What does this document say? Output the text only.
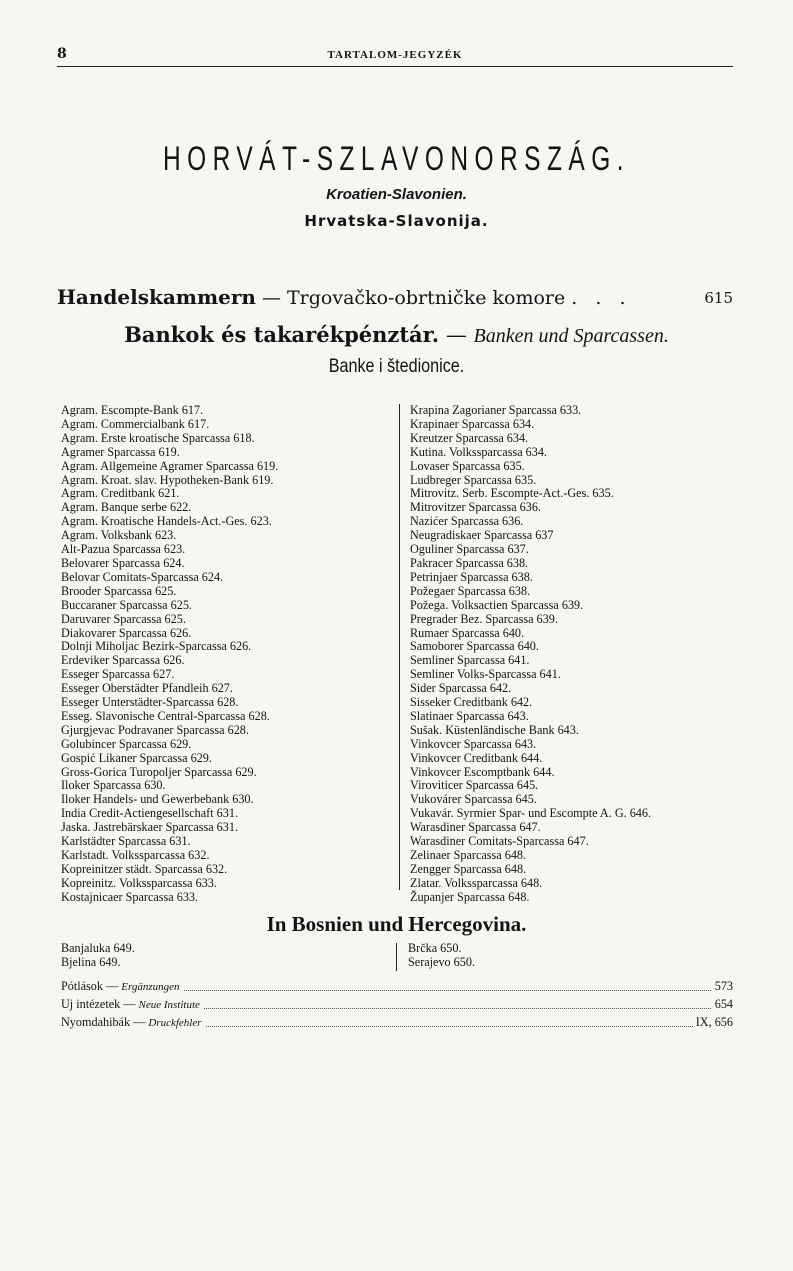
8	TARTALOM-JEGYZÉK
HORVÁT-SZLAVONORSZÁG.
Kroatien-Slavonien.
Hrvatska-Slavonija.
Handelskammern — Trgovačko-obrtničke komore . . .	615
Bankok és takarékpénztár. — Banken und Sparcassen.
Banke i štedionice.
Agram. Escompte-Bank 617.
Agram. Commercialbank 617.
Agram. Erste kroatische Sparcassa 618.
Agramer Sparcassa 619.
Agram. Allgemeine Agramer Sparcassa 619.
Agram. Kroat. slav. Hypotheken-Bank 619.
Agram. Creditbank 621.
Agram. Banque serbe 622.
Agram. Kroatische Handels-Act.-Ges. 623.
Agram. Volksbank 623.
Alt-Pazua Sparcassa 623.
Belovarer Sparcassa 624.
Belovar Comitats-Sparcassa 624.
Brooder Sparcassa 625.
Buccaraner Sparcassa 625.
Daruvarer Sparcassa 625.
Diakovarer Sparcassa 626.
Dolnji Miholjac Bezirk-Sparcassa 626.
Erdeviker Sparcassa 626.
Esseger Sparcassa 627.
Esseger Oberstädter Pfandleih 627.
Esseger Unterstädter-Sparcassa 628.
Esseg. Slavonische Central-Sparcassa 628.
Gjurgjevac Podravaner Sparcassa 628.
Golubincer Sparcassa 629.
Gospić Likaner Sparcassa 629.
Gross-Gorica Turopoljer Sparcassa 629.
Iloker Sparcassa 630.
Iloker Handels- und Gewerbebank 630.
India Credit-Actiengesellschaft 631.
Jaska. Jastrebärskaer Sparcassa 631.
Karlstädter Sparcassa 631.
Karlstadt. Volkssparcassa 632.
Kopreinitzer städt. Sparcassa 632.
Kopreinitz. Volkssparcassa 633.
Kostajnicaer Sparcassa 633.
Krapina Zagorianer Sparcassa 633.
Krapinaer Sparcassa 634.
Kreutzer Sparcassa 634.
Kutina. Volkssparcassa 634.
Lovaser Sparcassa 635.
Ludbreger Sparcassa 635.
Mitrovitz. Serb. Escompte-Act.-Ges. 635.
Mitrovitzer Sparcassa 636.
Nazićer Sparcassa 636.
Neugradiskaer Sparcassa 637
Oguliner Sparcassa 637.
Pakracer Sparcassa 638.
Petrinjaer Sparcassa 638.
Požegaer Sparcassa 638.
Požega. Volksactien Sparcassa 639.
Pregrader Bez. Sparcassa 639.
Rumaer Sparcassa 640.
Samoborer Sparcassa 640.
Semliner Sparcassa 641.
Semliner Volks-Sparcassa 641.
Sider Sparcassa 642.
Sisseker Creditbank 642.
Slatinaer Sparcassa 643.
Sušak. Küstenländische Bank 643.
Vinkovcer Sparcassa 643.
Vinkovcer Creditbank 644.
Vinkovcer Escomptbank 644.
Viroviticer Sparcassa 645.
Vukovárer Sparcassa 645.
Vukavár. Syrmier Spar- und Escompte A. G. 646.
Warasdiner Sparcassa 647.
Warasdiner Comitats-Sparcassa 647.
Zelinaer Sparcassa 648.
Zengger Sparcassa 648.
Zlatar. Volkssparcassa 648.
Županjer Sparcassa 648.
In Bosnien und Hercegovina.
Banjaluka 649.
Bjelina 649.
Brčka 650.
Serajevo 650.
Pótlások — Ergänzungen	573
Uj intézetek — Neue Institute	654
Nyomdahibák — Druckfehler	IX, 656
